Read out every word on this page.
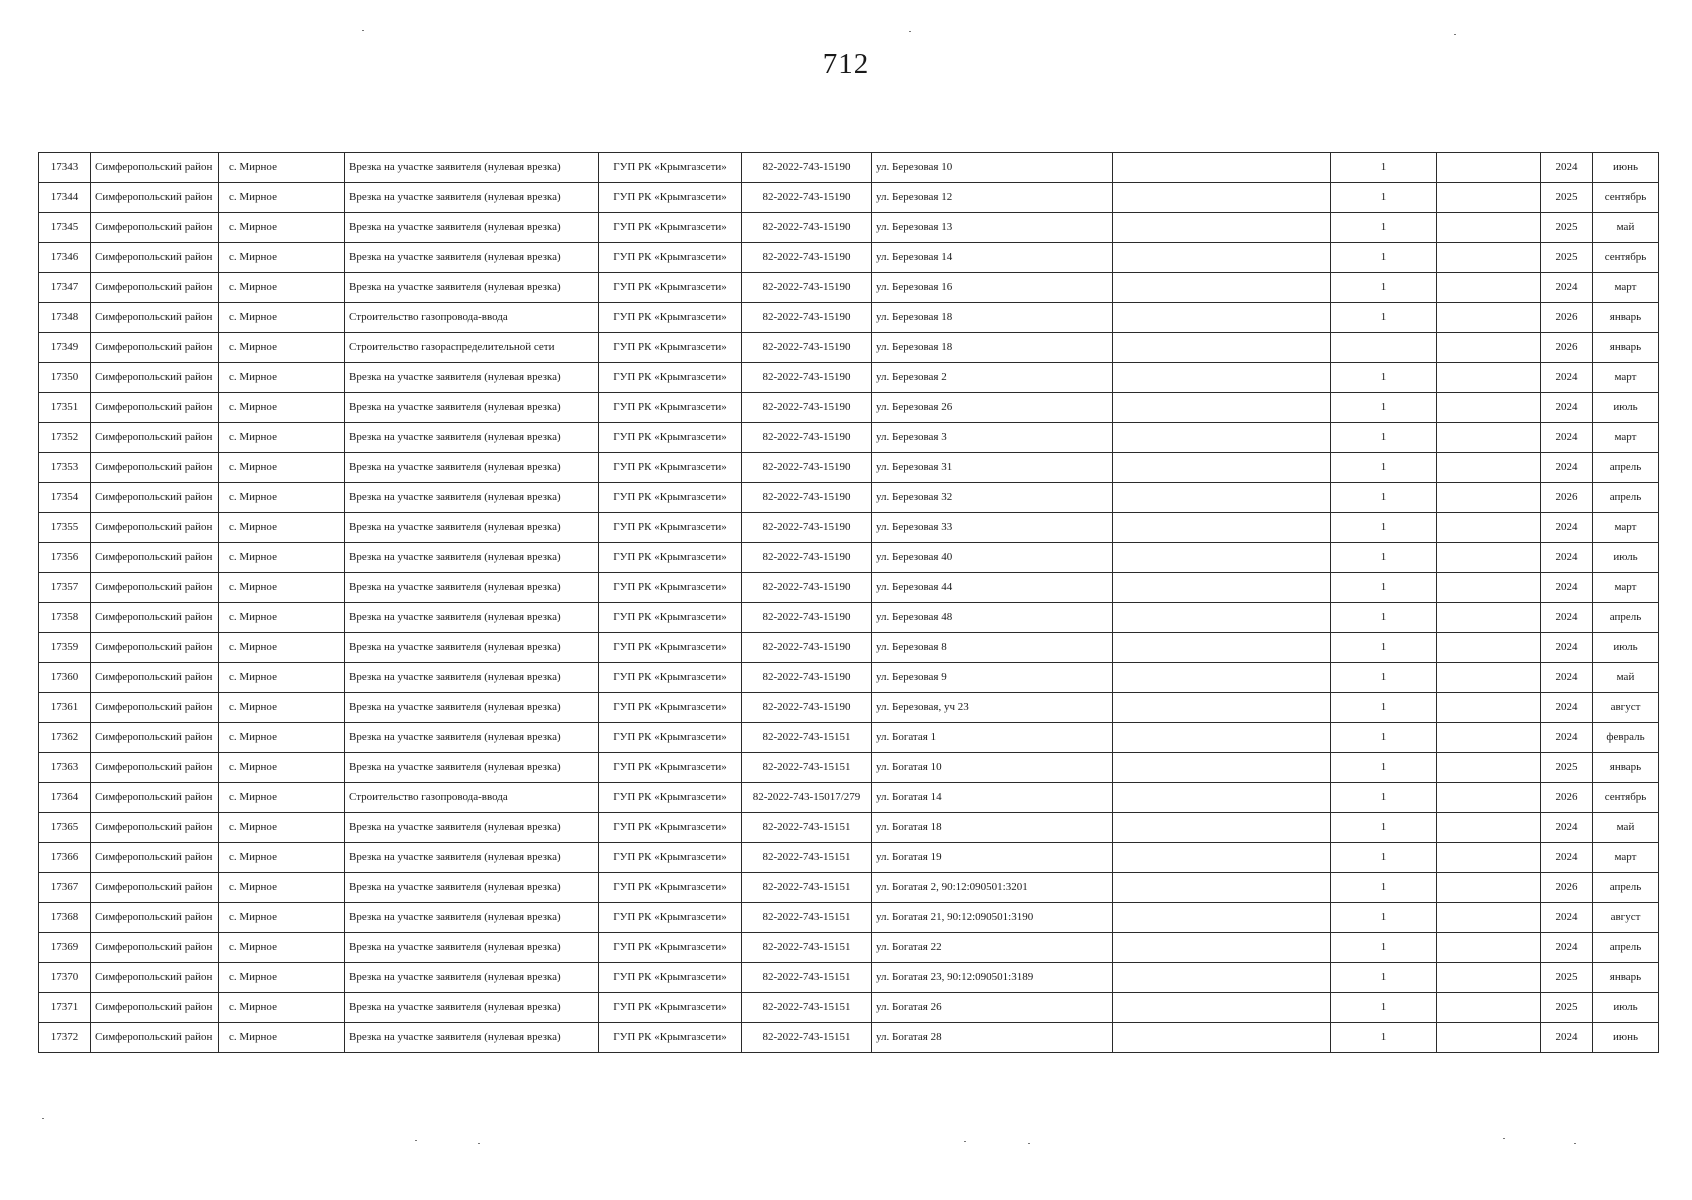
712
17343	Симферопольский район	с. Мирное	Врезка на участке заявителя (нулевая врезка)	ГУП РК «Крымгазсети»	82-2022-743-15190	ул. Березовая 10		1		2024	июнь
17344	Симферопольский район	с. Мирное	Врезка на участке заявителя (нулевая врезка)	ГУП РК «Крымгазсети»	82-2022-743-15190	ул. Березовая 12		1		2025	сентябрь
17345	Симферопольский район	с. Мирное	Врезка на участке заявителя (нулевая врезка)	ГУП РК «Крымгазсети»	82-2022-743-15190	ул. Березовая 13		1		2025	май
17346	Симферопольский район	с. Мирное	Врезка на участке заявителя (нулевая врезка)	ГУП РК «Крымгазсети»	82-2022-743-15190	ул. Березовая 14		1		2025	сентябрь
17347	Симферопольский район	с. Мирное	Врезка на участке заявителя (нулевая врезка)	ГУП РК «Крымгазсети»	82-2022-743-15190	ул. Березовая 16		1		2024	март
17348	Симферопольский район	с. Мирное	Строительство газопровода-ввода	ГУП РК «Крымгазсети»	82-2022-743-15190	ул. Березовая 18		1		2026	январь
17349	Симферопольский район	с. Мирное	Строительство газораспределительной сети	ГУП РК «Крымгазсети»	82-2022-743-15190	ул. Березовая 18				2026	январь
17350	Симферопольский район	с. Мирное	Врезка на участке заявителя (нулевая врезка)	ГУП РК «Крымгазсети»	82-2022-743-15190	ул. Березовая 2		1		2024	март
17351	Симферопольский район	с. Мирное	Врезка на участке заявителя (нулевая врезка)	ГУП РК «Крымгазсети»	82-2022-743-15190	ул. Березовая 26		1		2024	июль
17352	Симферопольский район	с. Мирное	Врезка на участке заявителя (нулевая врезка)	ГУП РК «Крымгазсети»	82-2022-743-15190	ул. Березовая 3		1		2024	март
17353	Симферопольский район	с. Мирное	Врезка на участке заявителя (нулевая врезка)	ГУП РК «Крымгазсети»	82-2022-743-15190	ул. Березовая 31		1		2024	апрель
17354	Симферопольский район	с. Мирное	Врезка на участке заявителя (нулевая врезка)	ГУП РК «Крымгазсети»	82-2022-743-15190	ул. Березовая 32		1		2026	апрель
17355	Симферопольский район	с. Мирное	Врезка на участке заявителя (нулевая врезка)	ГУП РК «Крымгазсети»	82-2022-743-15190	ул. Березовая 33		1		2024	март
17356	Симферопольский район	с. Мирное	Врезка на участке заявителя (нулевая врезка)	ГУП РК «Крымгазсети»	82-2022-743-15190	ул. Березовая 40		1		2024	июль
17357	Симферопольский район	с. Мирное	Врезка на участке заявителя (нулевая врезка)	ГУП РК «Крымгазсети»	82-2022-743-15190	ул. Березовая 44		1		2024	март
17358	Симферопольский район	с. Мирное	Врезка на участке заявителя (нулевая врезка)	ГУП РК «Крымгазсети»	82-2022-743-15190	ул. Березовая 48		1		2024	апрель
17359	Симферопольский район	с. Мирное	Врезка на участке заявителя (нулевая врезка)	ГУП РК «Крымгазсети»	82-2022-743-15190	ул. Березовая 8		1		2024	июль
17360	Симферопольский район	с. Мирное	Врезка на участке заявителя (нулевая врезка)	ГУП РК «Крымгазсети»	82-2022-743-15190	ул. Березовая 9		1		2024	май
17361	Симферопольский район	с. Мирное	Врезка на участке заявителя (нулевая врезка)	ГУП РК «Крымгазсети»	82-2022-743-15190	ул. Березовая, уч 23		1		2024	август
17362	Симферопольский район	с. Мирное	Врезка на участке заявителя (нулевая врезка)	ГУП РК «Крымгазсети»	82-2022-743-15151	ул. Богатая 1		1		2024	февраль
17363	Симферопольский район	с. Мирное	Врезка на участке заявителя (нулевая врезка)	ГУП РК «Крымгазсети»	82-2022-743-15151	ул. Богатая 10		1		2025	январь
17364	Симферопольский район	с. Мирное	Строительство газопровода-ввода	ГУП РК «Крымгазсети»	82-2022-743-15017/279	ул. Богатая 14		1		2026	сентябрь
17365	Симферопольский район	с. Мирное	Врезка на участке заявителя (нулевая врезка)	ГУП РК «Крымгазсети»	82-2022-743-15151	ул. Богатая 18		1		2024	май
17366	Симферопольский район	с. Мирное	Врезка на участке заявителя (нулевая врезка)	ГУП РК «Крымгазсети»	82-2022-743-15151	ул. Богатая 19		1		2024	март
17367	Симферопольский район	с. Мирное	Врезка на участке заявителя (нулевая врезка)	ГУП РК «Крымгазсети»	82-2022-743-15151	ул. Богатая 2, 90:12:090501:3201		1		2026	апрель
17368	Симферопольский район	с. Мирное	Врезка на участке заявителя (нулевая врезка)	ГУП РК «Крымгазсети»	82-2022-743-15151	ул. Богатая 21, 90:12:090501:3190		1		2024	август
17369	Симферопольский район	с. Мирное	Врезка на участке заявителя (нулевая врезка)	ГУП РК «Крымгазсети»	82-2022-743-15151	ул. Богатая 22		1		2024	апрель
17370	Симферопольский район	с. Мирное	Врезка на участке заявителя (нулевая врезка)	ГУП РК «Крымгазсети»	82-2022-743-15151	ул. Богатая 23, 90:12:090501:3189		1		2025	январь
17371	Симферопольский район	с. Мирное	Врезка на участке заявителя (нулевая врезка)	ГУП РК «Крымгазсети»	82-2022-743-15151	ул. Богатая 26		1		2025	июль
17372	Симферопольский район	с. Мирное	Врезка на участке заявителя (нулевая врезка)	ГУП РК «Крымгазсети»	82-2022-743-15151	ул. Богатая 28		1		2024	июнь
